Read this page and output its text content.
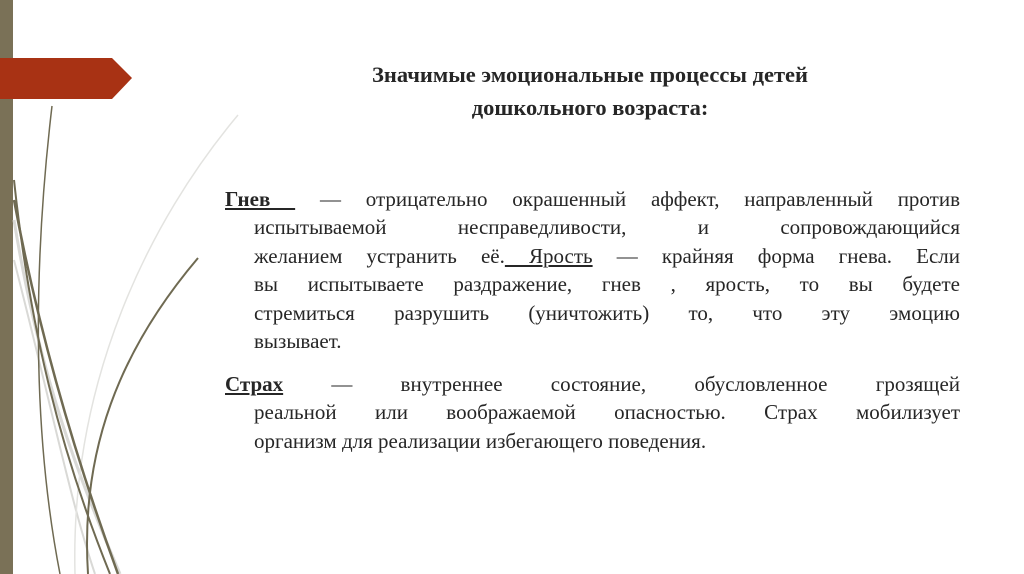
Значимые эмоциональные процессы детей
дошкольного возраста:
Гнев  — отрицательно окрашенный аффект, направленный против
испытываемой несправедливости, и сопровождающийся
желанием устранить её. Ярость — крайняя форма гнева. Если
вы испытываете раздражение, гнев , ярость, то вы будете
стремиться разрушить (уничтожить) то, что эту эмоцию
вызывает.
Страх — внутреннее состояние, обусловленное грозящей
реальной или воображаемой опасностью. Страх мобилизует
организм для реализации избегающего поведения.
